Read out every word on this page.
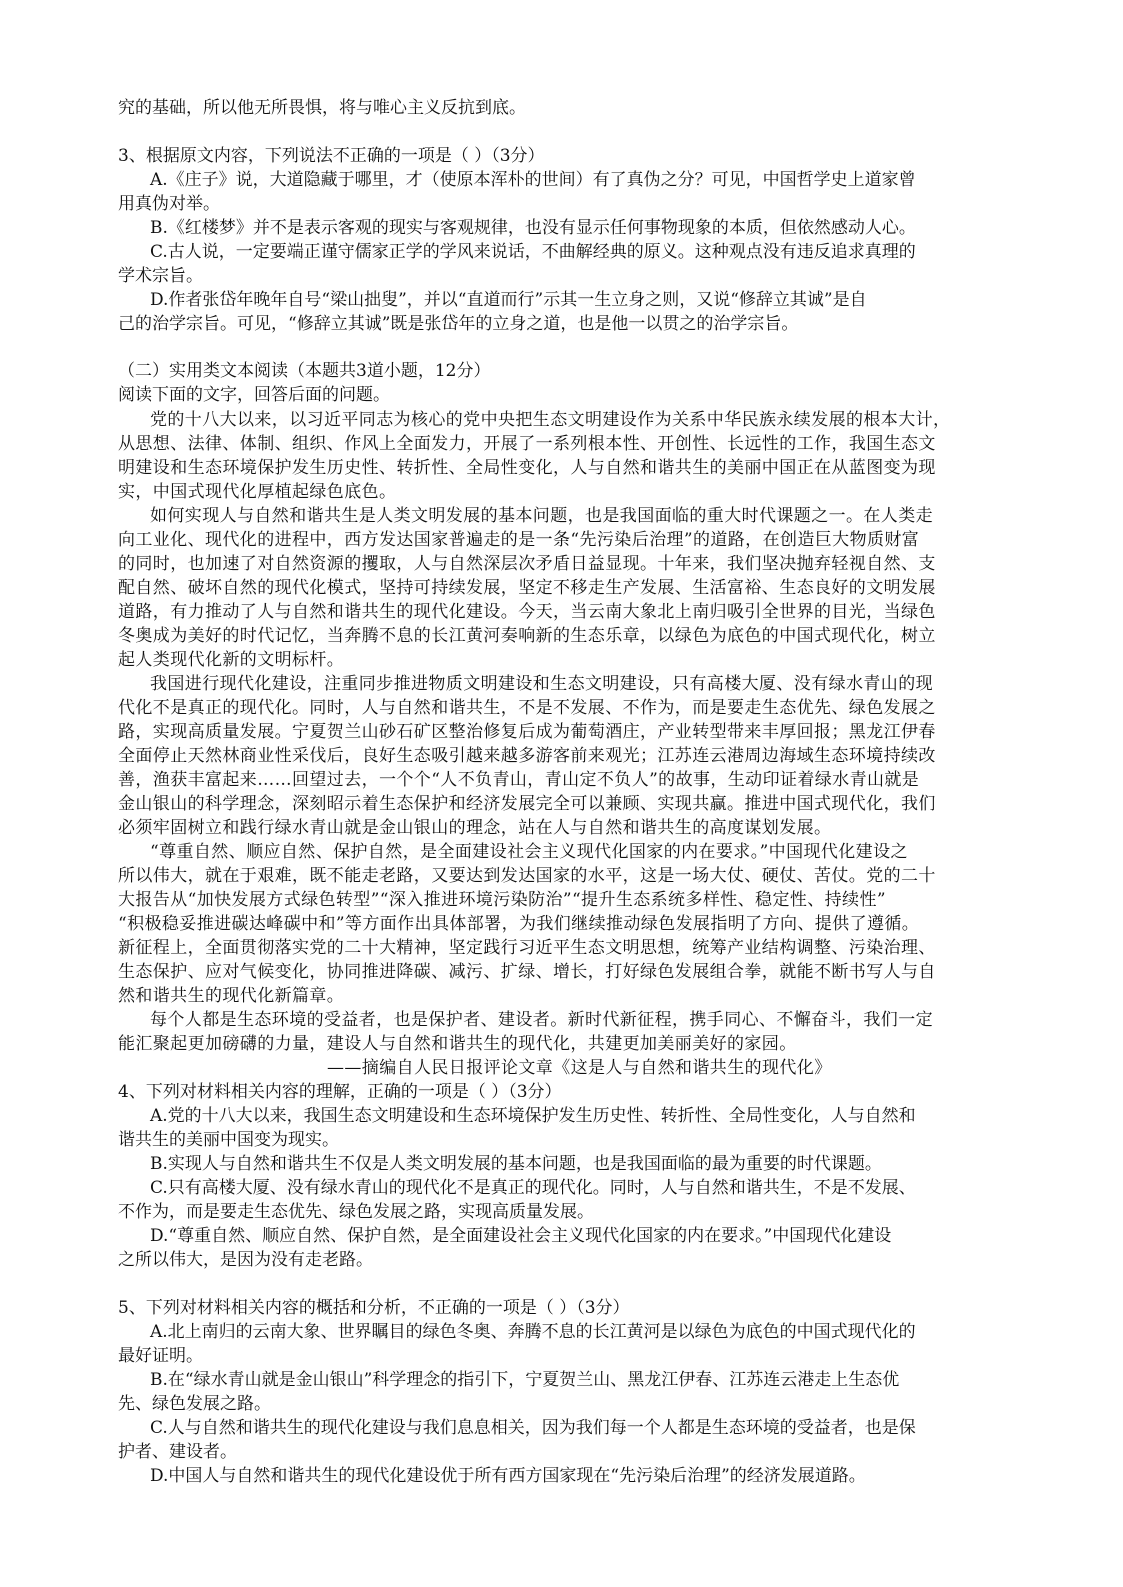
究的基础，所以他无所畏惧，将与唯心主义反抗到底。
3、根据原文内容，下列说法不正确的一项是（ ）（3分）
A.《庄子》说，大道隐藏于哪里，才（使原本浑朴的世间）有了真伪之分？可见，中国哲学史上道家曾
用真伪对举。
B.《红楼梦》并不是表示客观的现实与客观规律，也没有显示任何事物现象的本质，但依然感动人心。
C.古人说，一定要端正谨守儒家正学的学风来说话，不曲解经典的原义。这种观点没有违反追求真理的
学术宗旨。
D.作者张岱年晚年自号“梁山拙叟”，并以“直道而行”示其一生立身之则，又说“修辞立其诚”是自
己的治学宗旨。可见，“修辞立其诚”既是张岱年的立身之道，也是他一以贯之的治学宗旨。
（二）实用类文本阅读（本题共3道小题，12分）
阅读下面的文字，回答后面的问题。
党的十八大以来，以习近平同志为核心的党中央把生态文明建设作为关系中华民族永续发展的根本大计，
从思想、法律、体制、组织、作风上全面发力，开展了一系列根本性、开创性、长远性的工作，我国生态文
明建设和生态环境保护发生历史性、转折性、全局性变化，人与自然和谐共生的美丽中国正在从蓝图变为现
实，中国式现代化厚植起绿色底色。
如何实现人与自然和谐共生是人类文明发展的基本问题，也是我国面临的重大时代课题之一。在人类走
向工业化、现代化的进程中，西方发达国家普遍走的是一条“先污染后治理”的道路，在创造巨大物质财富
的同时，也加速了对自然资源的攫取，人与自然深层次矛盾日益显现。十年来，我们坚决抛弃轻视自然、支
配自然、破坏自然的现代化模式，坚持可持续发展，坚定不移走生产发展、生活富裕、生态良好的文明发展
道路，有力推动了人与自然和谐共生的现代化建设。今天，当云南大象北上南归吸引全世界的目光，当绿色
冬奥成为美好的时代记忆，当奔腾不息的长江黄河奏响新的生态乐章，以绿色为底色的中国式现代化，树立
起人类现代化新的文明标杆。
我国进行现代化建设，注重同步推进物质文明建设和生态文明建设，只有高楼大厦、没有绿水青山的现
代化不是真正的现代化。同时，人与自然和谐共生，不是不发展、不作为，而是要走生态优先、绿色发展之
路，实现高质量发展。宁夏贺兰山砂石矿区整治修复后成为葡萄酒庄，产业转型带来丰厚回报；黑龙江伊春
全面停止天然林商业性采伐后，良好生态吸引越来越多游客前来观光；江苏连云港周边海域生态环境持续改
善，渔获丰富起来……回望过去，一个个“人不负青山，青山定不负人”的故事，生动印证着绿水青山就是
金山银山的科学理念，深刻昭示着生态保护和经济发展完全可以兼顾、实现共赢。推进中国式现代化，我们
必须牢固树立和践行绿水青山就是金山银山的理念，站在人与自然和谐共生的高度谋划发展。
“尊重自然、顺应自然、保护自然，是全面建设社会主义现代化国家的内在要求。”中国现代化建设之
所以伟大，就在于艰难，既不能走老路，又要达到发达国家的水平，这是一场大仗、硬仗、苦仗。党的二十
大报告从“加快发展方式绿色转型”“深入推进环境污染防治”“提升生态系统多样性、稳定性、持续性”
“积极稳妥推进碳达峰碳中和”等方面作出具体部署，为我们继续推动绿色发展指明了方向、提供了遵循。
新征程上，全面贯彻落实党的二十大精神，坚定践行习近平生态文明思想，统筹产业结构调整、污染治理、
生态保护、应对气候变化，协同推进降碳、减污、扩绿、增长，打好绿色发展组合拳，就能不断书写人与自
然和谐共生的现代化新篇章。
每个人都是生态环境的受益者，也是保护者、建设者。新时代新征程，携手同心、不懈奋斗，我们一定
能汇聚起更加磅礴的力量，建设人与自然和谐共生的现代化，共建更加美丽美好的家园。
——摘编自人民日报评论文章《这是人与自然和谐共生的现代化》
4、下列对材料相关内容的理解，正确的一项是（ ）（3分）
A.党的十八大以来，我国生态文明建设和生态环境保护发生历史性、转折性、全局性变化，人与自然和
谐共生的美丽中国变为现实。
B.实现人与自然和谐共生不仅是人类文明发展的基本问题，也是我国面临的最为重要的时代课题。
C.只有高楼大厦、没有绿水青山的现代化不是真正的现代化。同时，人与自然和谐共生，不是不发展、
不作为，而是要走生态优先、绿色发展之路，实现高质量发展。
D.“尊重自然、顺应自然、保护自然，是全面建设社会主义现代化国家的内在要求。”中国现代化建设
之所以伟大，是因为没有走老路。
5、下列对材料相关内容的概括和分析，不正确的一项是（ ）（3分）
A.北上南归的云南大象、世界瞩目的绿色冬奥、奔腾不息的长江黄河是以绿色为底色的中国式现代化的
最好证明。
B.在“绿水青山就是金山银山”科学理念的指引下，宁夏贺兰山、黑龙江伊春、江苏连云港走上生态优
先、绿色发展之路。
C.人与自然和谐共生的现代化建设与我们息息相关，因为我们每一个人都是生态环境的受益者，也是保
护者、建设者。
D.中国人与自然和谐共生的现代化建设优于所有西方国家现在“先污染后治理”的经济发展道路。
